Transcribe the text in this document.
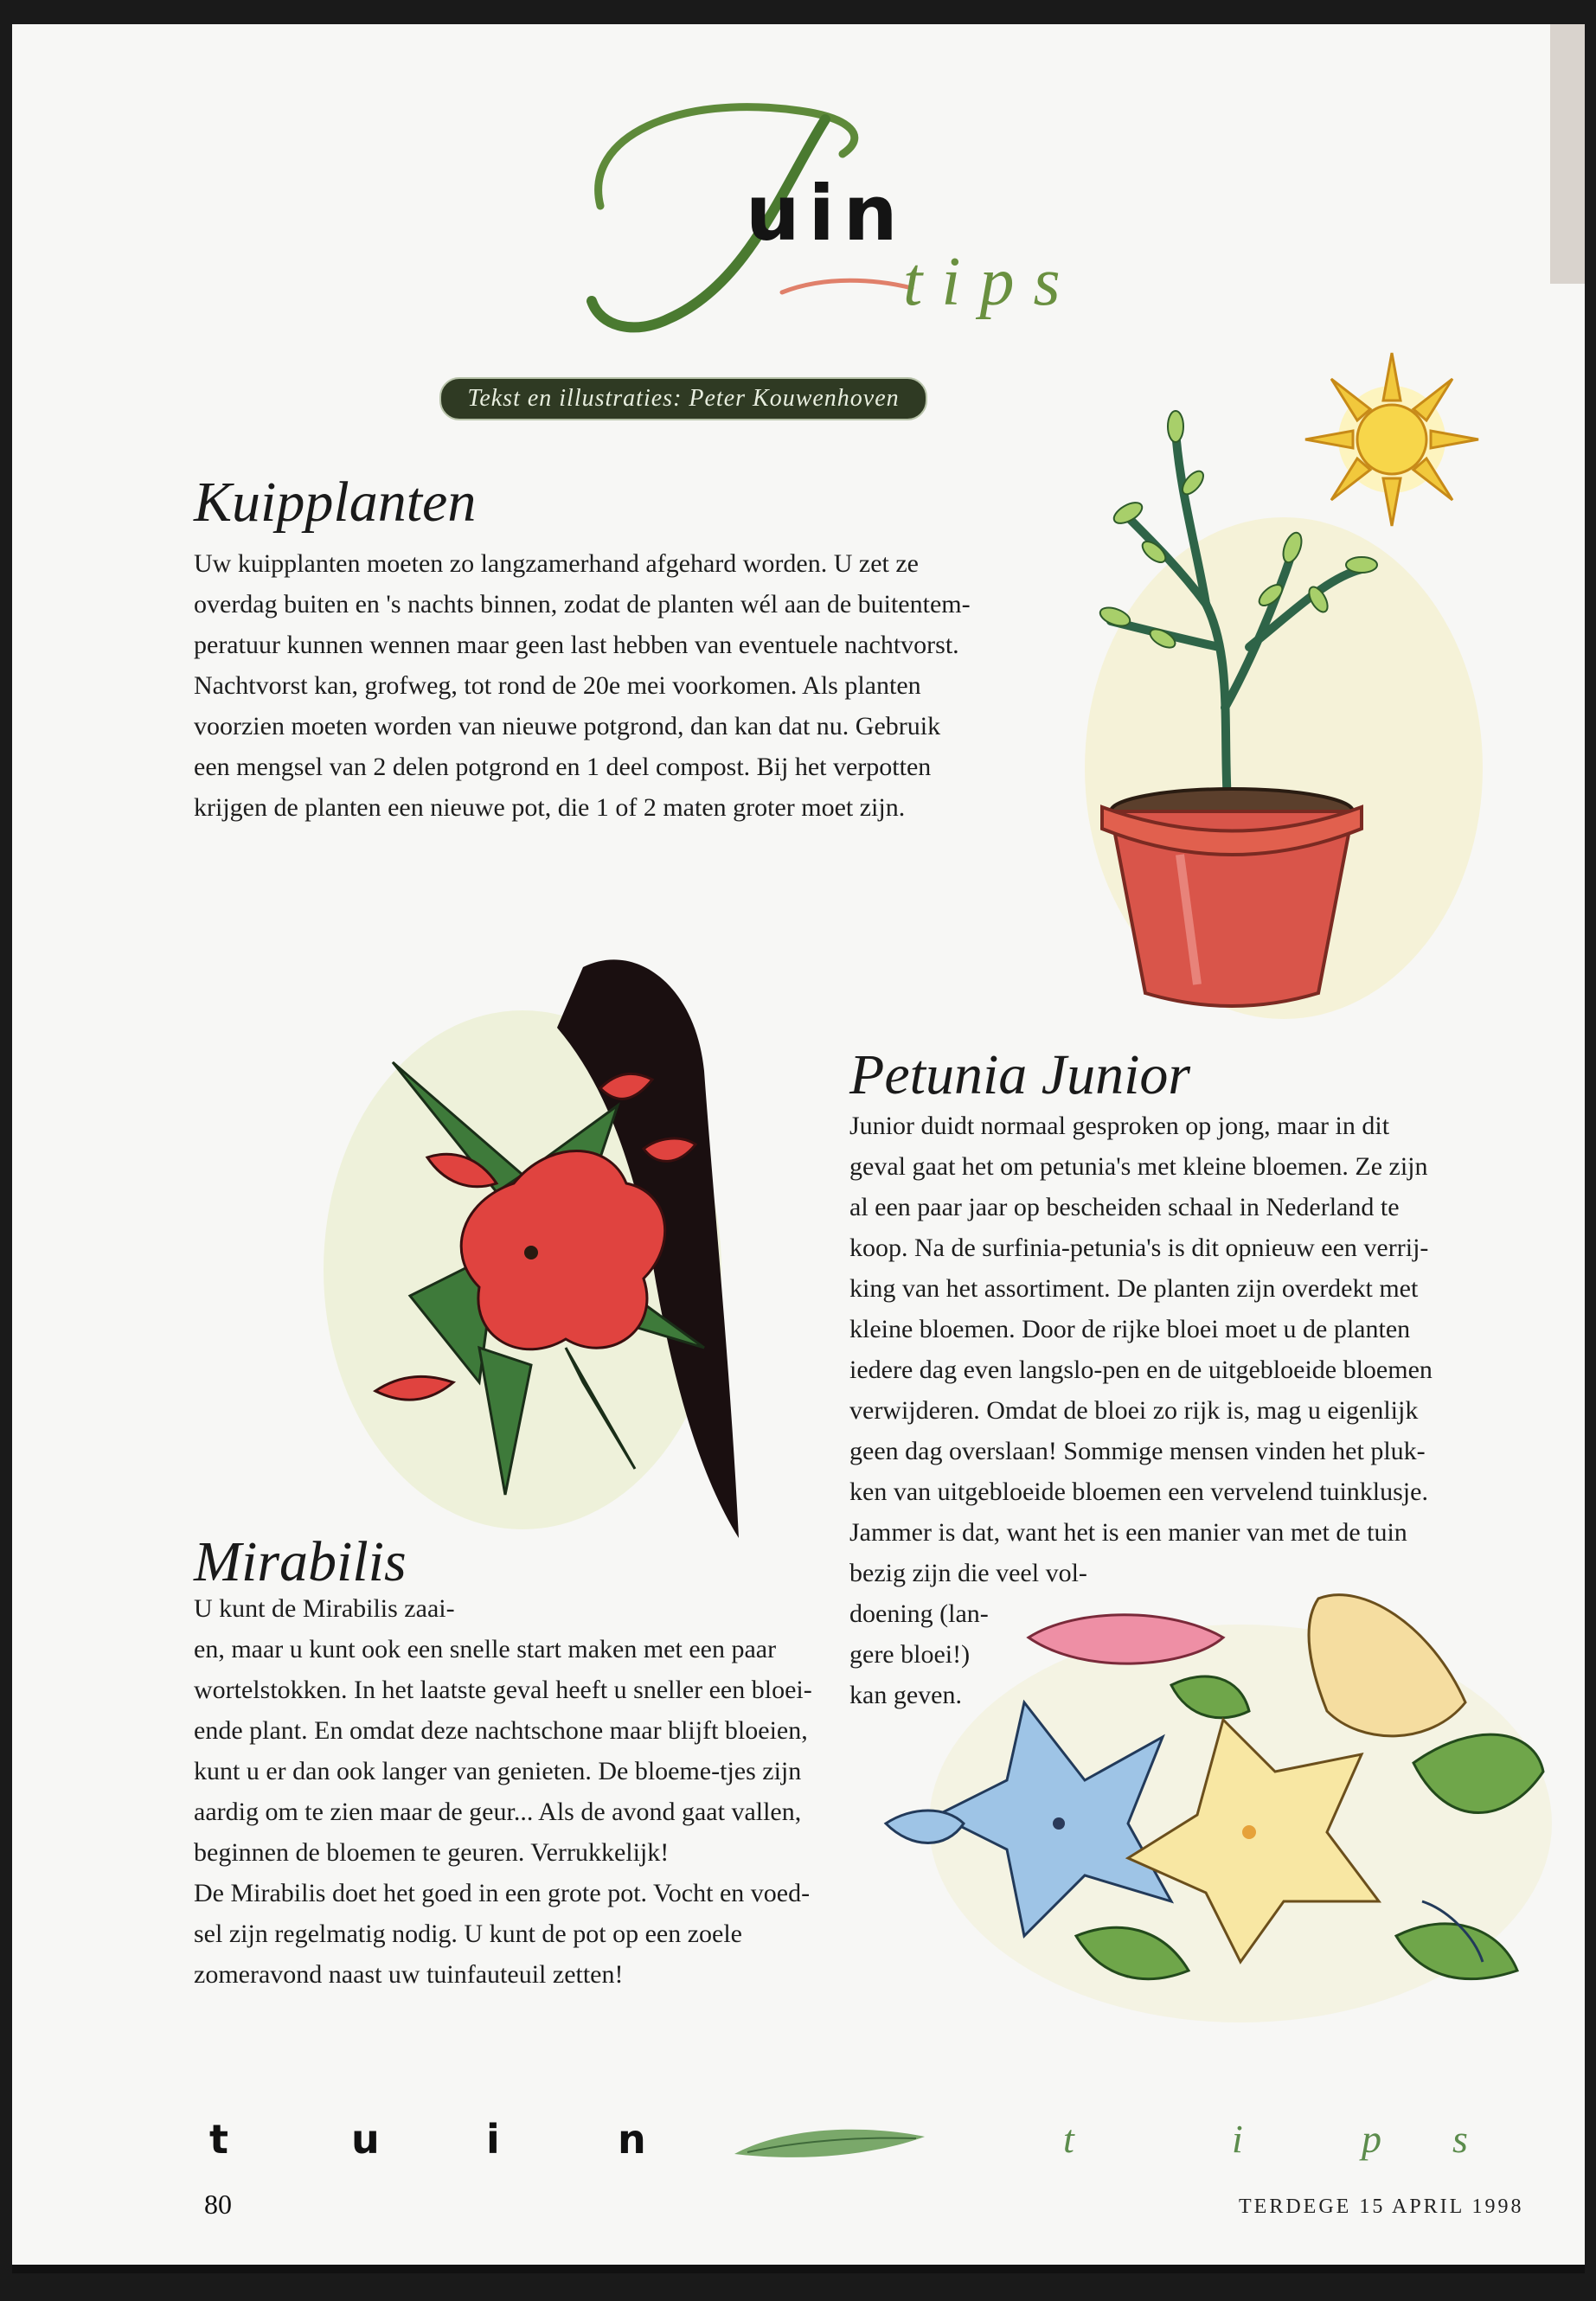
T
uin
tips
Tekst en illustraties: Peter Kouwenhoven
Kuipplanten

Uw kuipplanten moeten zo langzamerhand afgehard worden. U zet ze

overdag buiten en 's nachts binnen, zodat de planten wél aan de buitentem-

peratuur kunnen wennen maar geen last hebben van eventuele nachtvorst.

Nachtvorst kan, grofweg, tot rond de 20e mei voorkomen. Als planten

voorzien moeten worden van nieuwe potgrond, dan kan dat nu. Gebruik

een mengsel van 2 delen potgrond en 1 deel compost. Bij het verpotten

krijgen de planten een nieuwe pot, die 1 of 2 maten groter moet zijn.

Mirabilis

U kunt de Mirabilis zaai-

en, maar u kunt ook een snelle start maken met een paar

wortelstokken. In het laatste geval heeft u sneller een bloei-

ende plant. En omdat deze nachtschone maar blijft bloeien,

kunt u er dan ook langer van genieten. De bloeme-tjes zijn

aardig om te zien maar de geur... Als de avond gaat vallen,

beginnen de bloemen te geuren. Verrukkelijk!

De Mirabilis doet het goed in een grote pot. Vocht en voed-

sel zijn regelmatig nodig. U kunt de pot op een zoele

zomeravond naast uw tuinfauteuil zetten!

Petunia Junior

Junior duidt normaal gesproken op jong, maar in dit

geval gaat het om petunia's met kleine bloemen. Ze zijn

al een paar jaar op bescheiden schaal in Nederland te

koop. Na de surfinia-petunia's is dit opnieuw een verrij-

king van het assortiment. De planten zijn overdekt met

kleine bloemen. Door de rijke bloei moet u de planten

iedere dag even langslo-pen en de uitgebloeide bloemen

verwijderen. Omdat de bloei zo rijk is, mag u eigenlijk

geen dag overslaan! Sommige mensen vinden het pluk-

ken van uitgebloeide bloemen een vervelend tuinklusje.

Jammer is dat, want het is een manier van met de tuin

bezig zijn die veel vol-

doening (lan-

gere bloei!)

kan geven.

t	u	i	n	t	i	p s
80	TERDEGE 15 APRIL 1998
